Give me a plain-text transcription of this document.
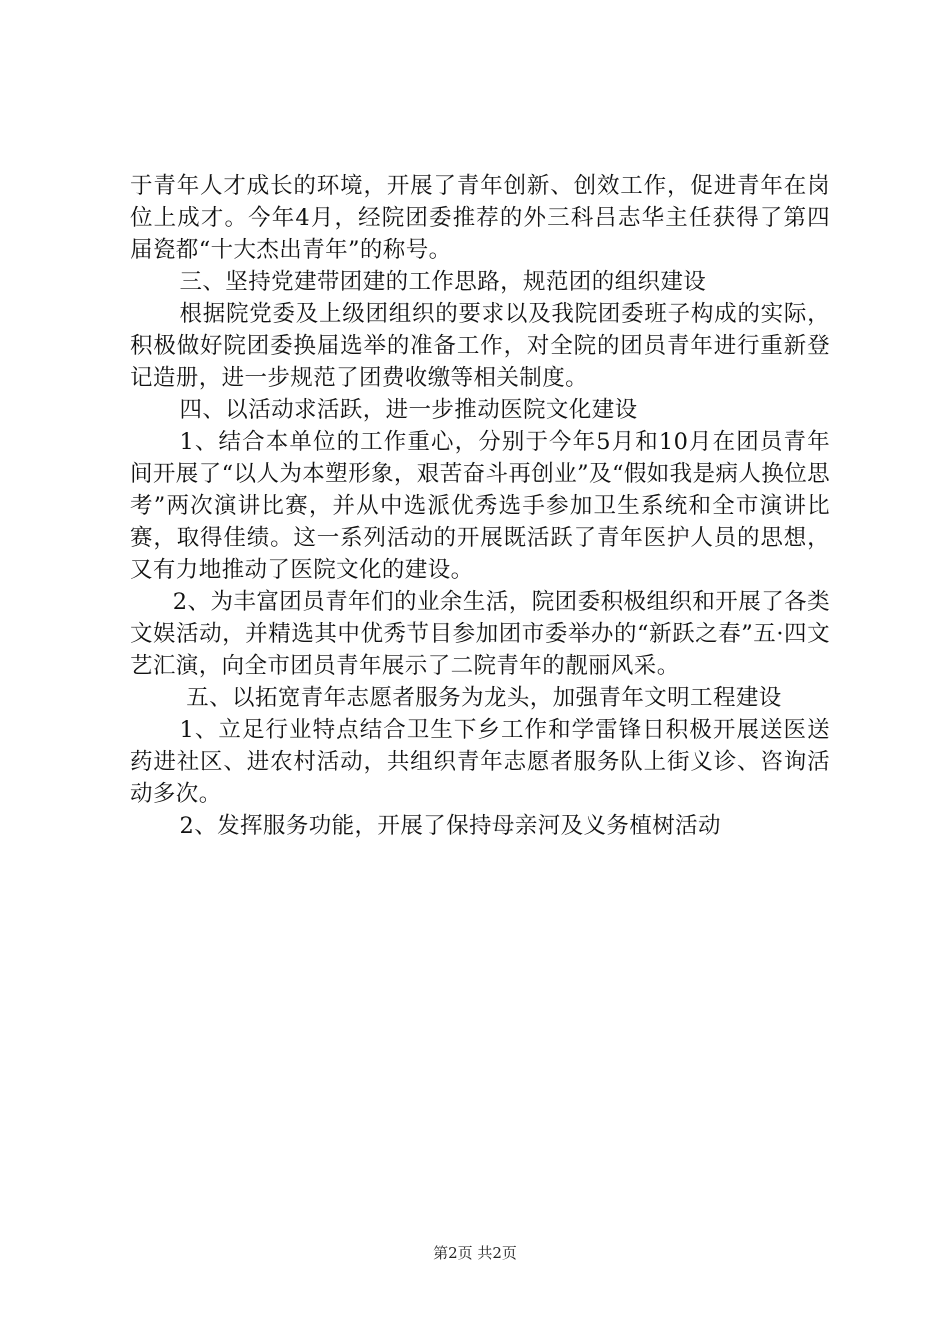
于青年人才成长的环境，开展了青年创新、创效工作，促进青年在岗位上成才。今年4月，经院团委推荐的外三科吕志华主任获得了第四届瓷都“十大杰出青年”的称号。

三、坚持党建带团建的工作思路，规范团的组织建设

根据院党委及上级团组织的要求以及我院团委班子构成的实际，积极做好院团委换届选举的准备工作，对全院的团员青年进行重新登记造册，进一步规范了团费收缴等相关制度。

四、以活动求活跃，进一步推动医院文化建设

1、结合本单位的工作重心，分别于今年5月和10月在团员青年间开展了“以人为本塑形象，艰苦奋斗再创业”及“假如我是病人换位思考”两次演讲比赛，并从中选派优秀选手参加卫生系统和全市演讲比赛，取得佳绩。这一系列活动的开展既活跃了青年医护人员的思想，又有力地推动了医院文化的建设。

2、为丰富团员青年们的业余生活，院团委积极组织和开展了各类文娱活动，并精选其中优秀节目参加团市委举办的“新跃之春”五·四文艺汇演，向全市团员青年展示了二院青年的靓丽风采。

五、以拓宽青年志愿者服务为龙头，加强青年文明工程建设

1、立足行业特点结合卫生下乡工作和学雷锋日积极开展送医送药进社区、进农村活动，共组织青年志愿者服务队上街义诊、咨询活动多次。

2、发挥服务功能，开展了保持母亲河及义务植树活动

第2页 共2页
